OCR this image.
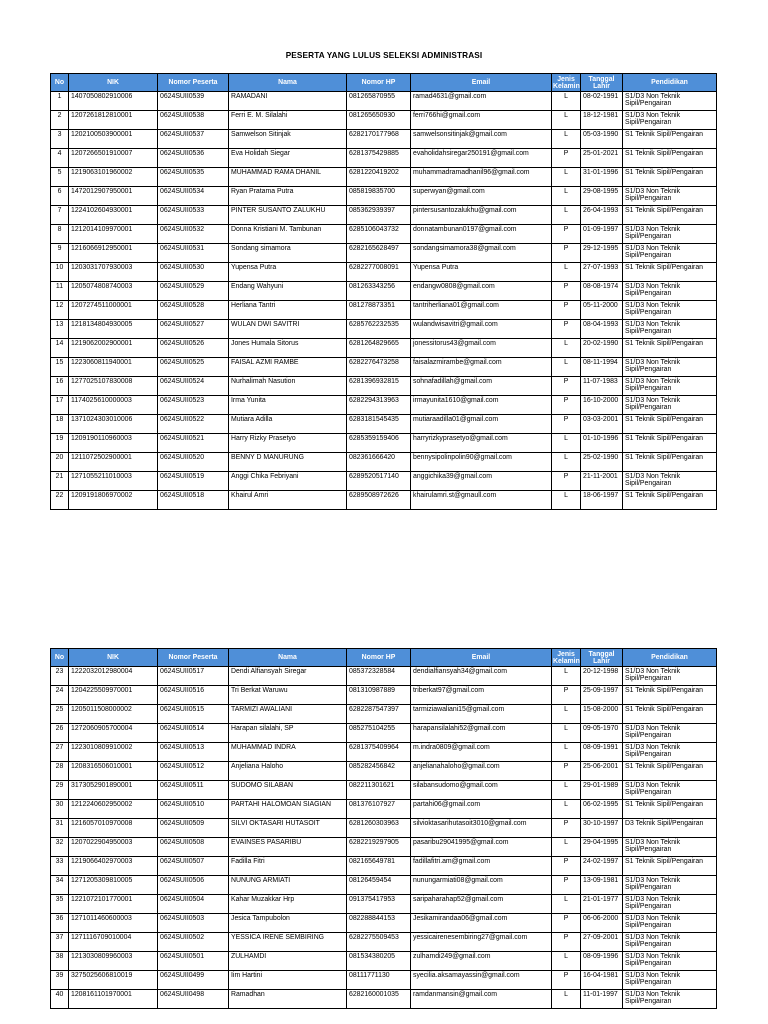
PESERTA YANG LULUS SELEKSI ADMINISTRASI
No	NIK	Nomor Peserta	Nama	Nomor HP	Email	Jenis Kelamin	Tanggal Lahir	Pendidikan
1	1407050802910006	0624SUII0539	RAMADANI	081265870955	ramad4631@gmail.com	L	08-02-1991	S1/D3 Non Teknik Sipil/Pengairan
2	1207261812810001	0624SUII0538	Ferri E. M. Silalahi	081265650930	ferri766hi@gmail.com	L	18-12-1981	S1/D3 Non Teknik Sipil/Pengairan
3	1202100503900001	0624SUII0537	Samwelson Sitinjak	6282170177968	samwelsonsitinjak@gmail.com	L	05-03-1990	S1 Teknik Sipil/Pengairan
4	1207266501910007	0624SUII0536	Eva Holidah Siegar	6281375429885	evaholidahsiregar250191@gmail.com	P	25-01-2021	S1 Teknik Sipil/Pengairan
5	1219063101960002	0624SUII0535	MUHAMMAD RAMA DHANIL	6281220419202	muhammadramadhanil96@gmail.com	L	31-01-1996	S1 Teknik Sipil/Pengairan
6	1472012907950001	0624SUII0534	Ryan Pratama Putra	085819835700	superwyan@gmail.com	L	29-08-1995	S1/D3 Non Teknik Sipil/Pengairan
7	1224102604930001	0624SUII0533	PINTER SUSANTO ZALUKHU	085362939397	pintersusantozalukhu@gmail.com	L	26-04-1993	S1 Teknik Sipil/Pengairan
8	1212014109970001	0624SUII0532	Donna Kristiani M. Tambunan	6285106043732	donnatambunan0197@gmail.com	P	01-09-1997	S1/D3 Non Teknik Sipil/Pengairan
9	1216066912950001	0624SUII0531	Sondang simamora	6282165628497	sondangsimamora38@gmail.com	P	29-12-1995	S1/D3 Non Teknik Sipil/Pengairan
10	1203031707930003	0624SUII0530	Yupensa Putra	6282277008091	Yupensa Putra	L	27-07-1993	S1 Teknik Sipil/Pengairan
11	1205074808740003	0624SUII0529	Endang Wahyuni	081263343256	endangw0808@gmail.com	P	08-08-1974	S1/D3 Non Teknik Sipil/Pengairan
12	1207274511000001	0624SUII0528	Herliana Tantri	081278873351	tantriherliana01@gmail.com	P	05-11-2000	S1/D3 Non Teknik Sipil/Pengairan
13	1218134804930005	0624SUII0527	WULAN DWI SAVITRI	6285762232535	wulandwisavitri@gmail.com	P	08-04-1993	S1/D3 Non Teknik Sipil/Pengairan
14	1219062002900001	0624SUII0526	Jones Humala Sitorus	6281264829665	jonessitorus43@gmail.com	L	20-02-1990	S1 Teknik Sipil/Pengairan
15	1223060811940001	0624SUII0525	FAISAL AZMI RAMBE	6282276473258	faisalazmirambe@gmail.com	L	08-11-1994	S1/D3 Non Teknik Sipil/Pengairan
16	1277025107830008	0624SUII0524	Nurhalimah Nasution	6281396932815	sohnafadillah@gmail.com	P	11-07-1983	S1/D3 Non Teknik Sipil/Pengairan
17	1174025610000003	0624SUII0523	Irma Yunita	6282294313963	irmayunita1610@gmail.com	P	16-10-2000	S1/D3 Non Teknik Sipil/Pengairan
18	1371024303010006	0624SUII0522	Mutiara Adilla	6283181545435	mutiaraadilla01@gmail.com	P	03-03-2001	S1 Teknik Sipil/Pengairan
19	1209190110960003	0624SUII0521	Harry Rizky Prasetyo	6285359159406	harryrizkyprasetyo@gmail.com	L	01-10-1996	S1 Teknik Sipil/Pengairan
20	1211072502900001	0624SUII0520	BENNY D MANURUNG	082361666420	bennysipolinpolin90@gmail.com	L	25-02-1990	S1 Teknik Sipil/Pengairan
21	1271055211010003	0624SUII0519	Anggi Chika Febriyani	6289520517140	anggichika39@gmail.com	P	21-11-2001	S1/D3 Non Teknik Sipil/Pengairan
22	1209191806970002	0624SUII0518	Khairul Amri	6289508972626	khairulamri.st@gmaull.com	L	18-06-1997	S1 Teknik Sipil/Pengairan
No	NIK	Nomor Peserta	Nama	Nomor HP	Email	Jenis Kelamin	Tanggal Lahir	Pendidikan
23	1222032012980004	0624SUII0517	Dendi Alfiansyah Siregar	085372328584	dendialfiansyah34@gmail.com	L	20-12-1998	S1/D3 Non Teknik Sipil/Pengairan
24	1204225509970001	0624SUII0516	Tri Berkat Waruwu	081310987889	triberkat97@gmail.com	P	25-09-1997	S1 Teknik Sipil/Pengairan
25	1205011508000002	0624SUII0515	TARMIZI AWALIANI	6282287547397	tarmiziawaliani15@gmail.com	L	15-08-2000	S1 Teknik Sipil/Pengairan
26	1272060905700004	0624SUII0514	Harapan silalahi, SP	085275104255	harapansilalahi52@gmail.com	L	09-05-1970	S1/D3 Non Teknik Sipil/Pengairan
27	1223010809910002	0624SUII0513	MUHAMMAD INDRA	6281375409964	m.indra0809@gmail.com	L	08-09-1991	S1/D3 Non Teknik Sipil/Pengairan
28	1208316506010001	0624SUII0512	Anjeliana Haloho	085282456842	anjelianahaloho@gmail.com	P	25-06-2001	S1 Teknik Sipil/Pengairan
29	3173052901890001	0624SUII0511	SUDOMO SILABAN	082211301621	silabansudomo@gmail.com	L	29-01-1989	S1/D3 Non Teknik Sipil/Pengairan
30	1212240602950002	0624SUII0510	PARTAHI HALOMOAN SIAGIAN	081376107927	partahi06@gmail.com	L	06-02-1995	S1 Teknik Sipil/Pengairan
31	1216057010970008	0624SUII0509	SILVI OKTASARI HUTASOIT	6281260303963	silvioktasarihutasoit3010@gmail.com	P	30-10-1997	D3 Teknik Sipil/Pengairan
32	1207022904950003	0624SUII0508	EVAINSES PASARIBU	6282219297905	pasaribu29041995@gmail.com	L	29-04-1995	S1/D3 Non Teknik Sipil/Pengairan
33	1219066402970003	0624SUII0507	Fadilla Fitri	082165649781	fadillafitri.am@gmail.com	P	24-02-1997	S1 Teknik Sipil/Pengairan
34	1271205309810005	0624SUII0506	NUNUNG ARMIATI	08126459454	nunungarmiati08@gmail.com	P	13-09-1981	S1/D3 Non Teknik Sipil/Pengairan
35	1221072101770001	0624SUII0504	Kahar Muzakkar Hrp	091375417953	saripaharahap52@gmail.com	L	21-01-1977	S1/D3 Non Teknik Sipil/Pengairan
36	1271011460600003	0624SUII0503	Jesica Tampubolon	082288844153	Jesikamirandaa06@gmail.com	P	06-06-2000	S1/D3 Non Teknik Sipil/Pengairan
37	1271116709010004	0624SUII0502	YESSICA IRENE SEMBIRING	6282275509453	yessicairenesembiring27@gmail.com	P	27-09-2001	S1/D3 Non Teknik Sipil/Pengairan
38	1213030809960003	0624SUII0501	ZULHAMDI	081534380205	zulhamdi249@gmail.com	L	08-09-1996	S1/D3 Non Teknik Sipil/Pengairan
39	3275025606810019	0624SUII0499	Iim Hartini	08111771130	syecilia.aksamayassin@gmail.com	P	16-04-1981	S1/D3 Non Teknik Sipil/Pengairan
40	1208161101970001	0624SUII0498	Ramadhan	6282160001035	ramdanmansin@gmail.com	L	11-01-1997	S1/D3 Non Teknik Sipil/Pengairan
